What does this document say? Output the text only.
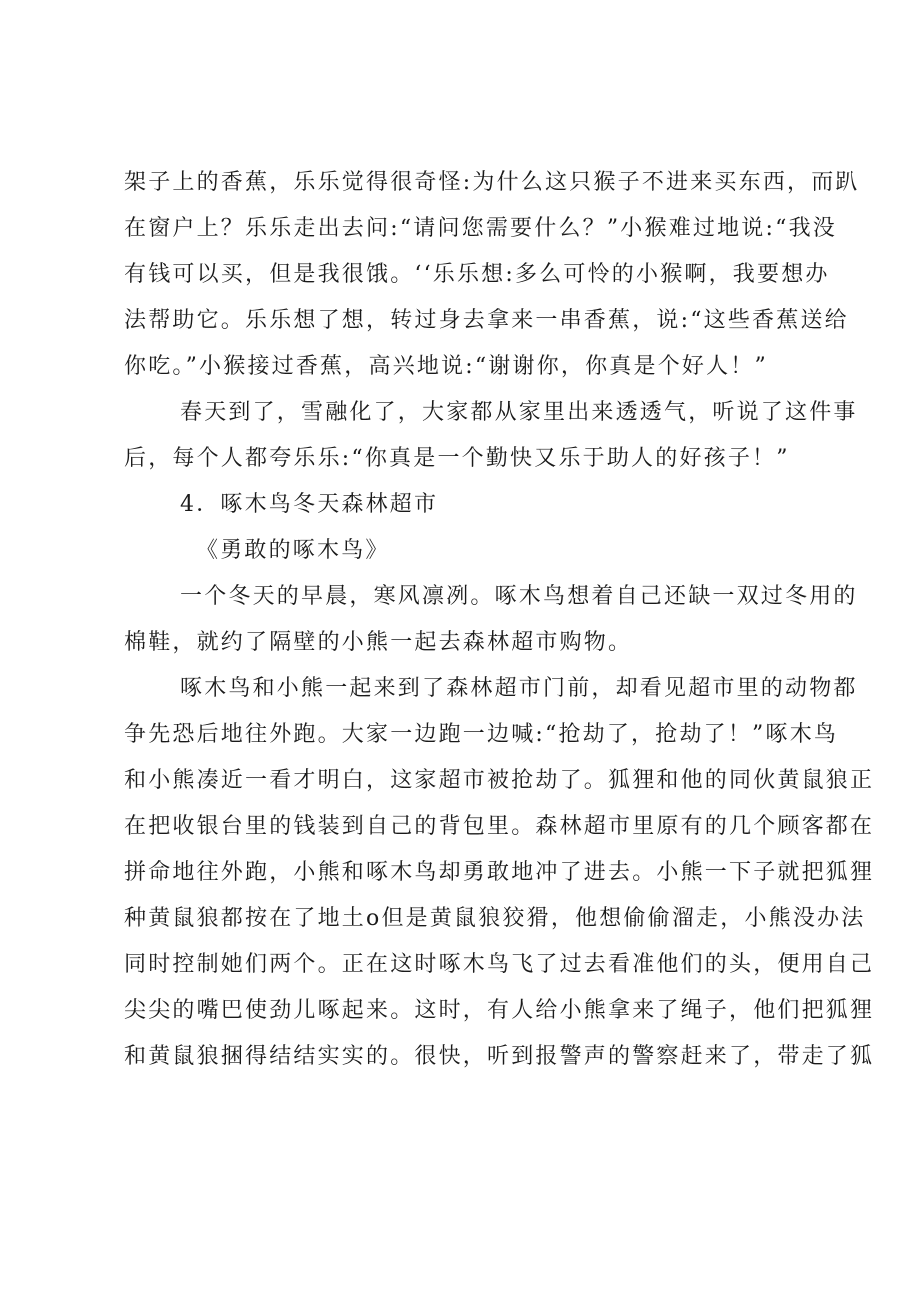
架子上的香蕉，乐乐觉得很奇怪:为什么这只猴子不进来买东西，而趴
在窗户上？乐乐走出去问:“请问您需要什么？”小猴难过地说:“我没
有钱可以买，但是我很饿。‘‘乐乐想:多么可怜的小猴啊，我要想办
法帮助它。乐乐想了想，转过身去拿来一串香蕉，说:“这些香蕉送给
你吃。”小猴接过香蕉，高兴地说:“谢谢你，你真是个好人！”
春天到了，雪融化了，大家都从家里出来透透气，听说了这件事
后，每个人都夸乐乐:“你真是一个勤快又乐于助人的好孩子！”
4．啄木鸟冬天森林超市
《勇敢的啄木鸟》
一个冬天的早晨，寒风凛冽。啄木鸟想着自己还缺一双过冬用的
棉鞋，就约了隔壁的小熊一起去森林超市购物。
啄木鸟和小熊一起来到了森林超市门前，却看见超市里的动物都
争先恐后地往外跑。大家一边跑一边喊:“抢劫了，抢劫了！”啄木鸟
和小熊凑近一看才明白，这家超市被抢劫了。狐狸和他的同伙黄鼠狼正
在把收银台里的钱装到自己的背包里。森林超市里原有的几个顾客都在
拼命地往外跑，小熊和啄木鸟却勇敢地冲了进去。小熊一下子就把狐狸
种黄鼠狼都按在了地土o但是黄鼠狼狡猾，他想偷偷溜走，小熊没办法
同时控制她们两个。正在这时啄木鸟飞了过去看准他们的头，便用自己
尖尖的嘴巴使劲儿啄起来。这时，有人给小熊拿来了绳子，他们把狐狸
和黄鼠狼捆得结结实实的。很快，听到报警声的警察赶来了，带走了狐
